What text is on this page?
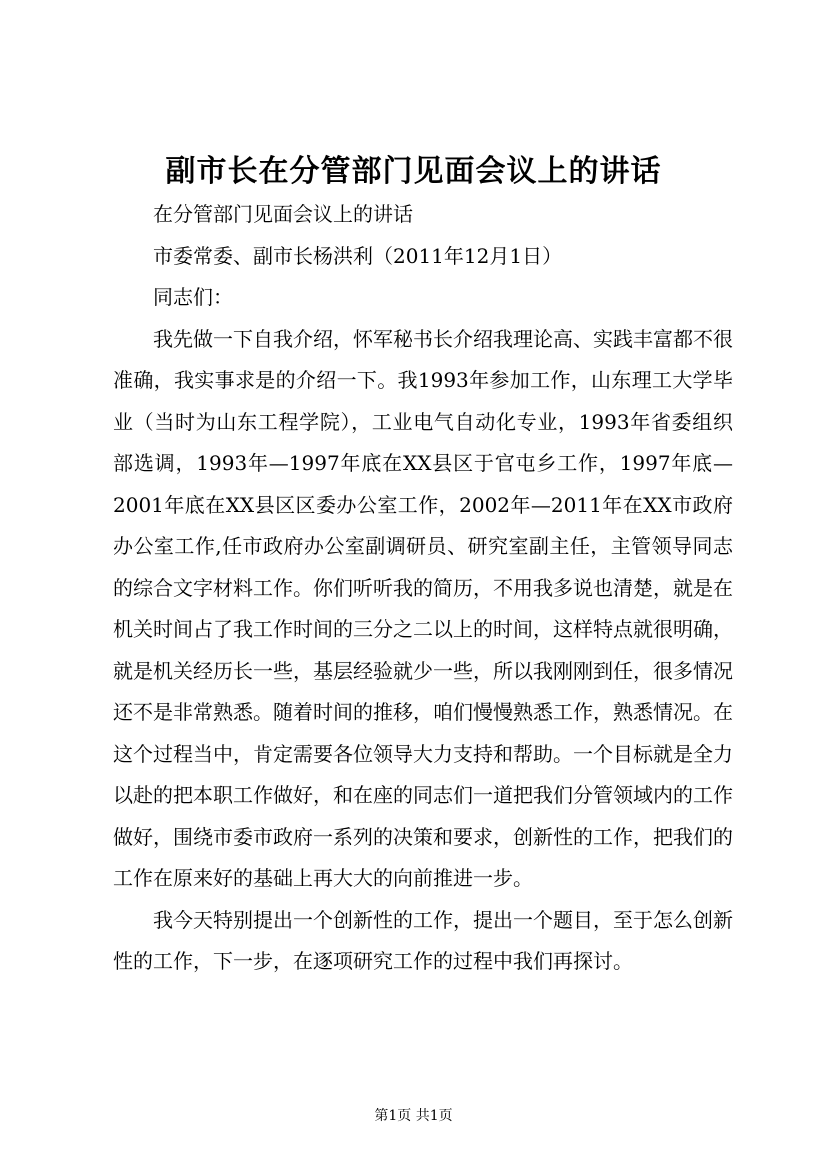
副市长在分管部门见面会议上的讲话

在分管部门见面会议上的讲话

市委常委、副市长杨洪利（2011年12月1日）

同志们：

我先做一下自我介绍，怀军秘书长介绍我理论高、实践丰富都不很准确，我实事求是的介绍一下。我1993年参加工作，山东理工大学毕业（当时为山东工程学院），工业电气自动化专业，1993年省委组织部选调，1993年—1997年底在XX县区于官屯乡工作，1997年底—2001年底在XX县区区委办公室工作，2002年—2011年在XX市政府办公室工作,任市政府办公室副调研员、研究室副主任，主管领导同志的综合文字材料工作。你们听听我的简历，不用我多说也清楚，就是在机关时间占了我工作时间的三分之二以上的时间，这样特点就很明确，就是机关经历长一些，基层经验就少一些，所以我刚刚到任，很多情况还不是非常熟悉。随着时间的推移，咱们慢慢熟悉工作，熟悉情况。在这个过程当中，肯定需要各位领导大力支持和帮助。一个目标就是全力以赴的把本职工作做好，和在座的同志们一道把我们分管领域内的工作做好，围绕市委市政府一系列的决策和要求，创新性的工作，把我们的工作在原来好的基础上再大大的向前推进一步。

我今天特别提出一个创新性的工作，提出一个题目，至于怎么创新性的工作，下一步，在逐项研究工作的过程中我们再探讨。

第1页 共1页
